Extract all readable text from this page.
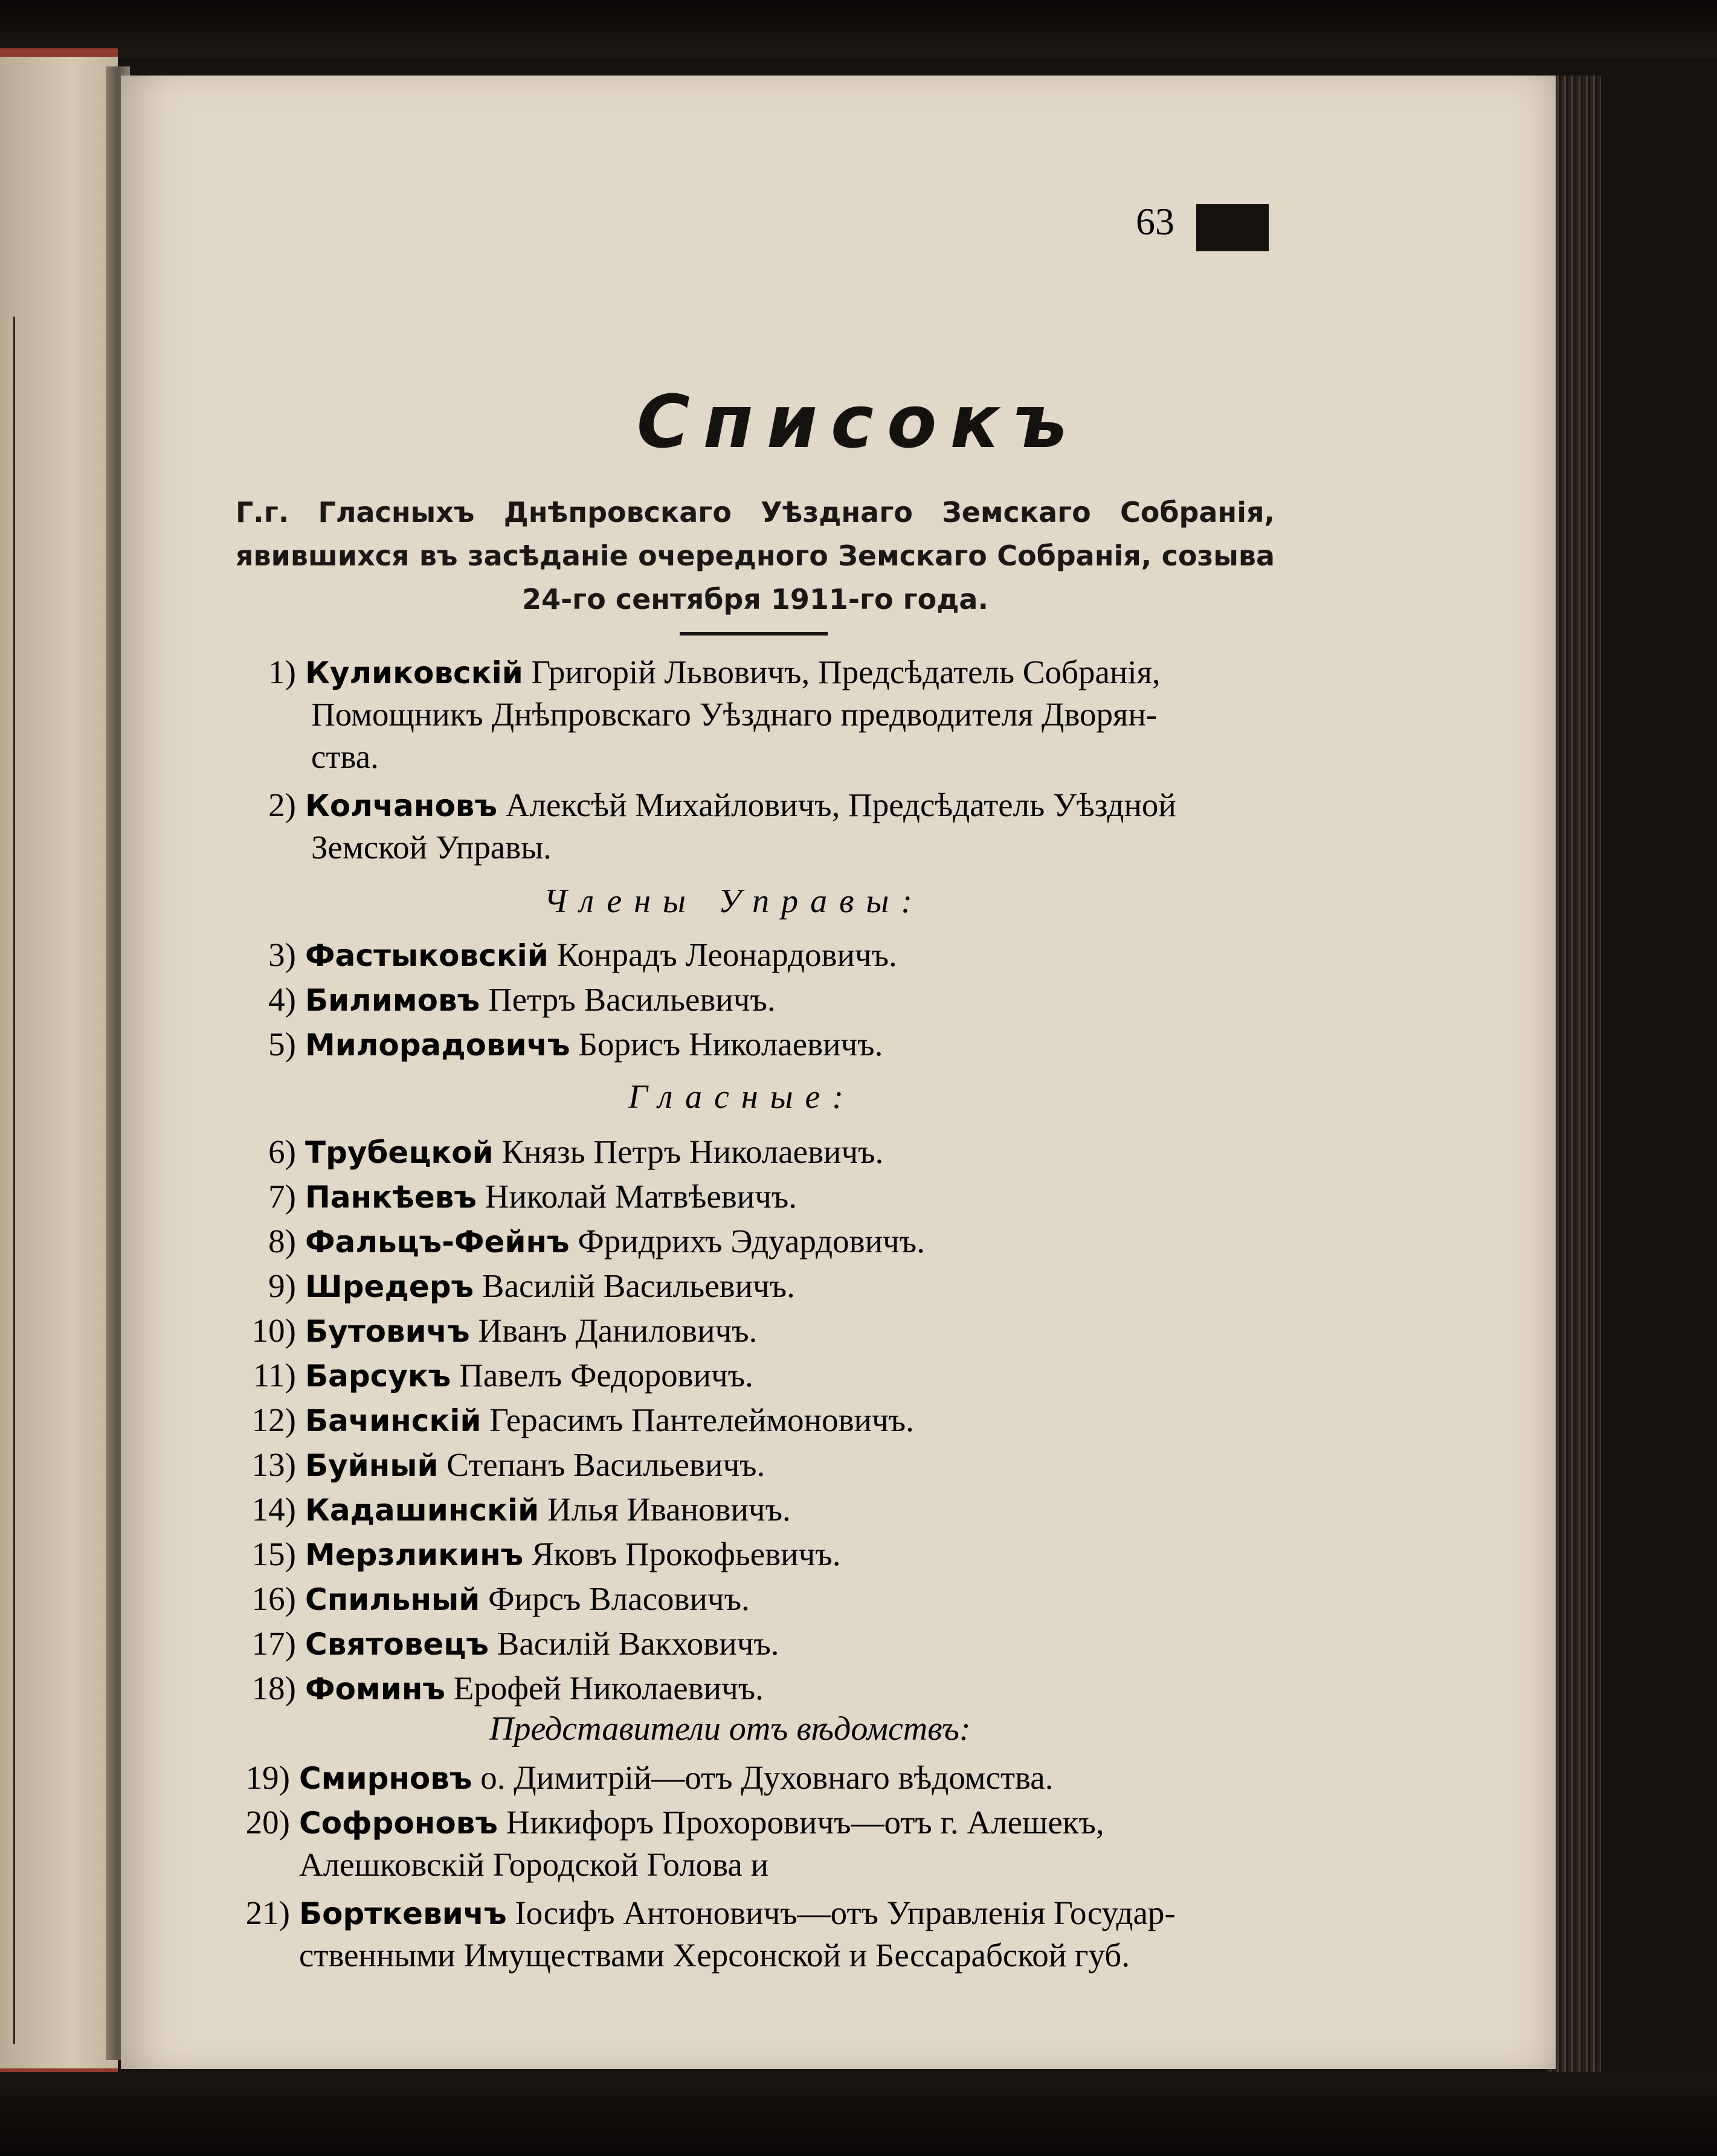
63
Списокъ
Г.г. Гласныхъ Днѣпровскаго Уѣзднаго Земскаго Собранія, явившихся въ засѣданіе очередного Земскаго Собранія, созыва 24-го сентября 1911-го года.
1) Куликовскій Григорій Львовичъ, Предсѣдатель Собранія,
Помощникъ Днѣпровскаго Уѣзднаго предводителя Дворян-
ства.
2) Колчановъ Алексѣй Михайловичъ, Предсѣдатель Уѣздной
Земской Управы.
Члены Управы:
3) Фастыковскій Конрадъ Леонардовичъ.
4) Билимовъ Петръ Васильевичъ.
5) Милорадовичъ Борисъ Николаевичъ.
Гласные:
6) Трубецкой Князь Петръ Николаевичъ.
7) Панкѣевъ Николай Матвѣевичъ.
8) Фальцъ-Фейнъ Фридрихъ Эдуардовичъ.
9) Шредеръ Василій Васильевичъ.
10) Бутовичъ Иванъ Даниловичъ.
11) Барсукъ Павелъ Федоровичъ.
12) Бачинскій Герасимъ Пантелеймоновичъ.
13) Буйный Степанъ Васильевичъ.
14) Кадашинскій Илья Ивановичъ.
15) Мерзликинъ Яковъ Прокофьевичъ.
16) Спильный Фирсъ Власовичъ.
17) Святовецъ Василій Вакховичъ.
18) Фоминъ Ерофей Николаевичъ.
Представители отъ вѣдомствъ:
19) Смирновъ о. Димитрій—отъ Духовнаго вѣдомства.
20) Софроновъ Никифоръ Прохоровичъ—отъ г. Алешекъ,
Алешковскій Городской Голова и
21) Борткевичъ Іосифъ Антоновичъ—отъ Управленія Государ-
ственными Имуществами Херсонской и Бессарабской губ.
